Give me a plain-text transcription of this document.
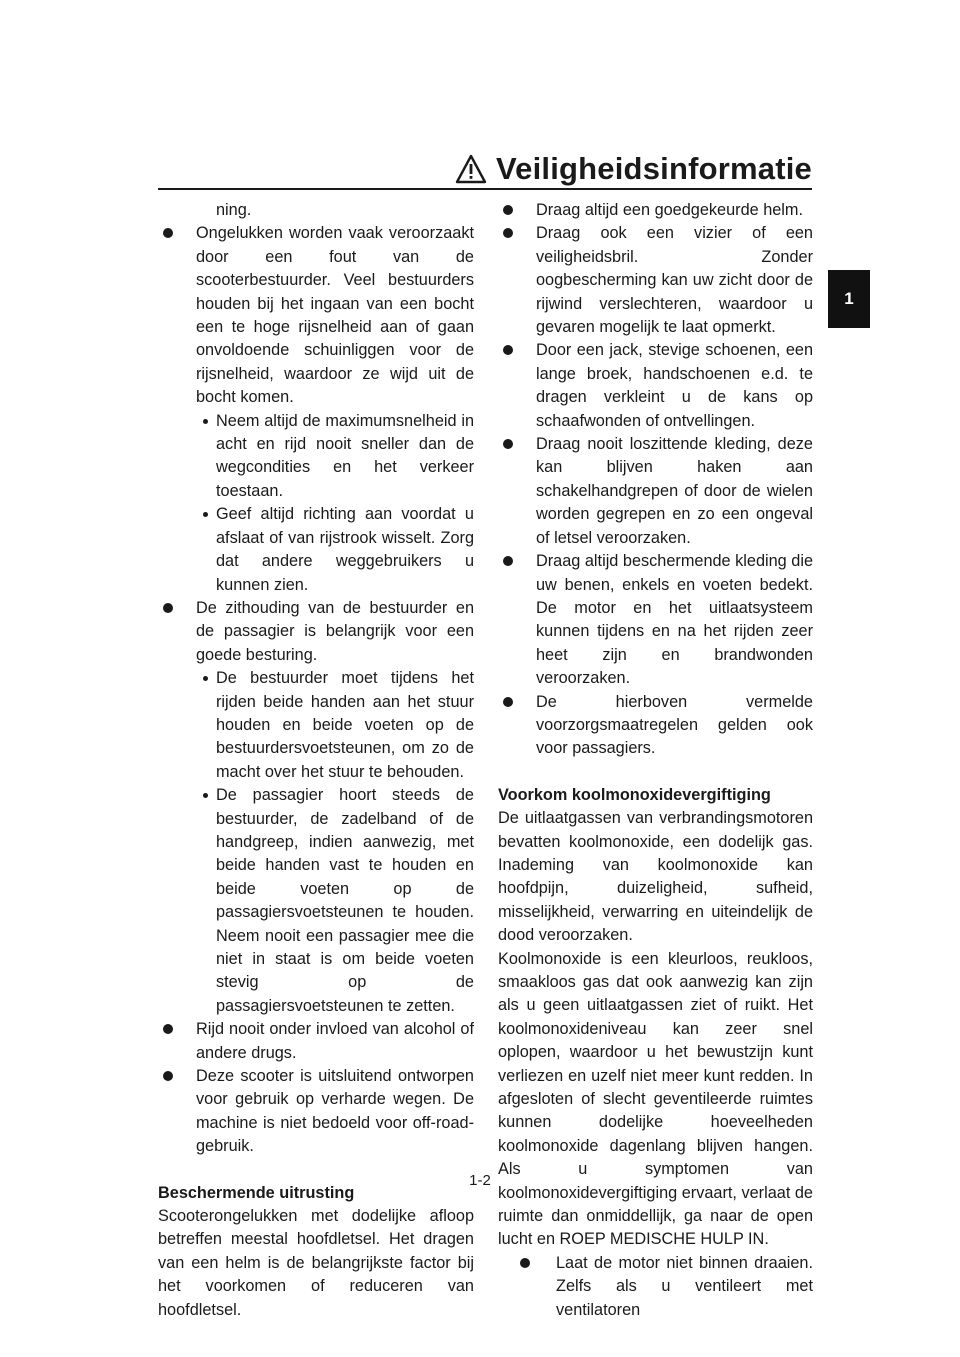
Veiligheidsinformatie
1
ning.
Ongelukken worden vaak veroorzaakt door een fout van de scooterbestuurder. Veel bestuurders houden bij het ingaan van een bocht een te hoge rijsnelheid aan of gaan onvoldoende schuinliggen voor de rijsnelheid, waardoor ze wijd uit de bocht komen.
Neem altijd de maximumsnelheid in acht en rijd nooit sneller dan de wegcondities en het verkeer toestaan.
Geef altijd richting aan voordat u afslaat of van rijstrook wisselt. Zorg dat andere weggebruikers u kunnen zien.
De zithouding van de bestuurder en de passagier is belangrijk voor een goede besturing.
De bestuurder moet tijdens het rijden beide handen aan het stuur houden en beide voeten op de bestuurdersvoetsteunen, om zo de macht over het stuur te behouden.
De passagier hoort steeds de bestuurder, de zadelband of de handgreep, indien aanwezig, met beide handen vast te houden en beide voeten op de passagiersvoetsteunen te houden. Neem nooit een passagier mee die niet in staat is om beide voeten stevig op de passagiersvoetsteunen te zetten.
Rijd nooit onder invloed van alcohol of andere drugs.
Deze scooter is uitsluitend ontworpen voor gebruik op verharde wegen. De machine is niet bedoeld voor off-road-gebruik.

Beschermende uitrusting

Scooterongelukken met dodelijke afloop betreffen meestal hoofdletsel. Het dragen van een helm is de belangrijkste factor bij het voorkomen of reduceren van hoofdletsel.

Draag altijd een goedgekeurde helm.
Draag ook een vizier of een veiligheidsbril. Zonder oogbescherming kan uw zicht door de rijwind verslechteren, waardoor u gevaren mogelijk te laat opmerkt.
Door een jack, stevige schoenen, een lange broek, handschoenen e.d. te dragen verkleint u de kans op schaafwonden of ontvellingen.
Draag nooit loszittende kleding, deze kan blijven haken aan schakelhandgrepen of door de wielen worden gegrepen en zo een ongeval of letsel veroorzaken.
Draag altijd beschermende kleding die uw benen, enkels en voeten bedekt. De motor en het uitlaatsysteem kunnen tijdens en na het rijden zeer heet zijn en brandwonden veroorzaken.
De hierboven vermelde voorzorgsmaatregelen gelden ook voor passagiers.

Voorkom koolmonoxidevergiftiging

De uitlaatgassen van verbrandingsmotoren bevatten koolmonoxide, een dodelijk gas. Inademing van koolmonoxide kan hoofdpijn, duizeligheid, sufheid, misselijkheid, verwarring en uiteindelijk de dood veroorzaken.

Koolmonoxide is een kleurloos, reukloos, smaakloos gas dat ook aanwezig kan zijn als u geen uitlaatgassen ziet of ruikt. Het koolmonoxideniveau kan zeer snel oplopen, waardoor u het bewustzijn kunt verliezen en uzelf niet meer kunt redden. In afgesloten of slecht geventileerde ruimtes kunnen dodelijke hoeveelheden koolmonoxide dagenlang blijven hangen. Als u symptomen van koolmonoxidevergiftiging ervaart, verlaat de ruimte dan onmiddellijk, ga naar de open lucht en ROEP MEDISCHE HULP IN.

Laat de motor niet binnen draaien. Zelfs als u ventileert met ventilatoren
1-2
